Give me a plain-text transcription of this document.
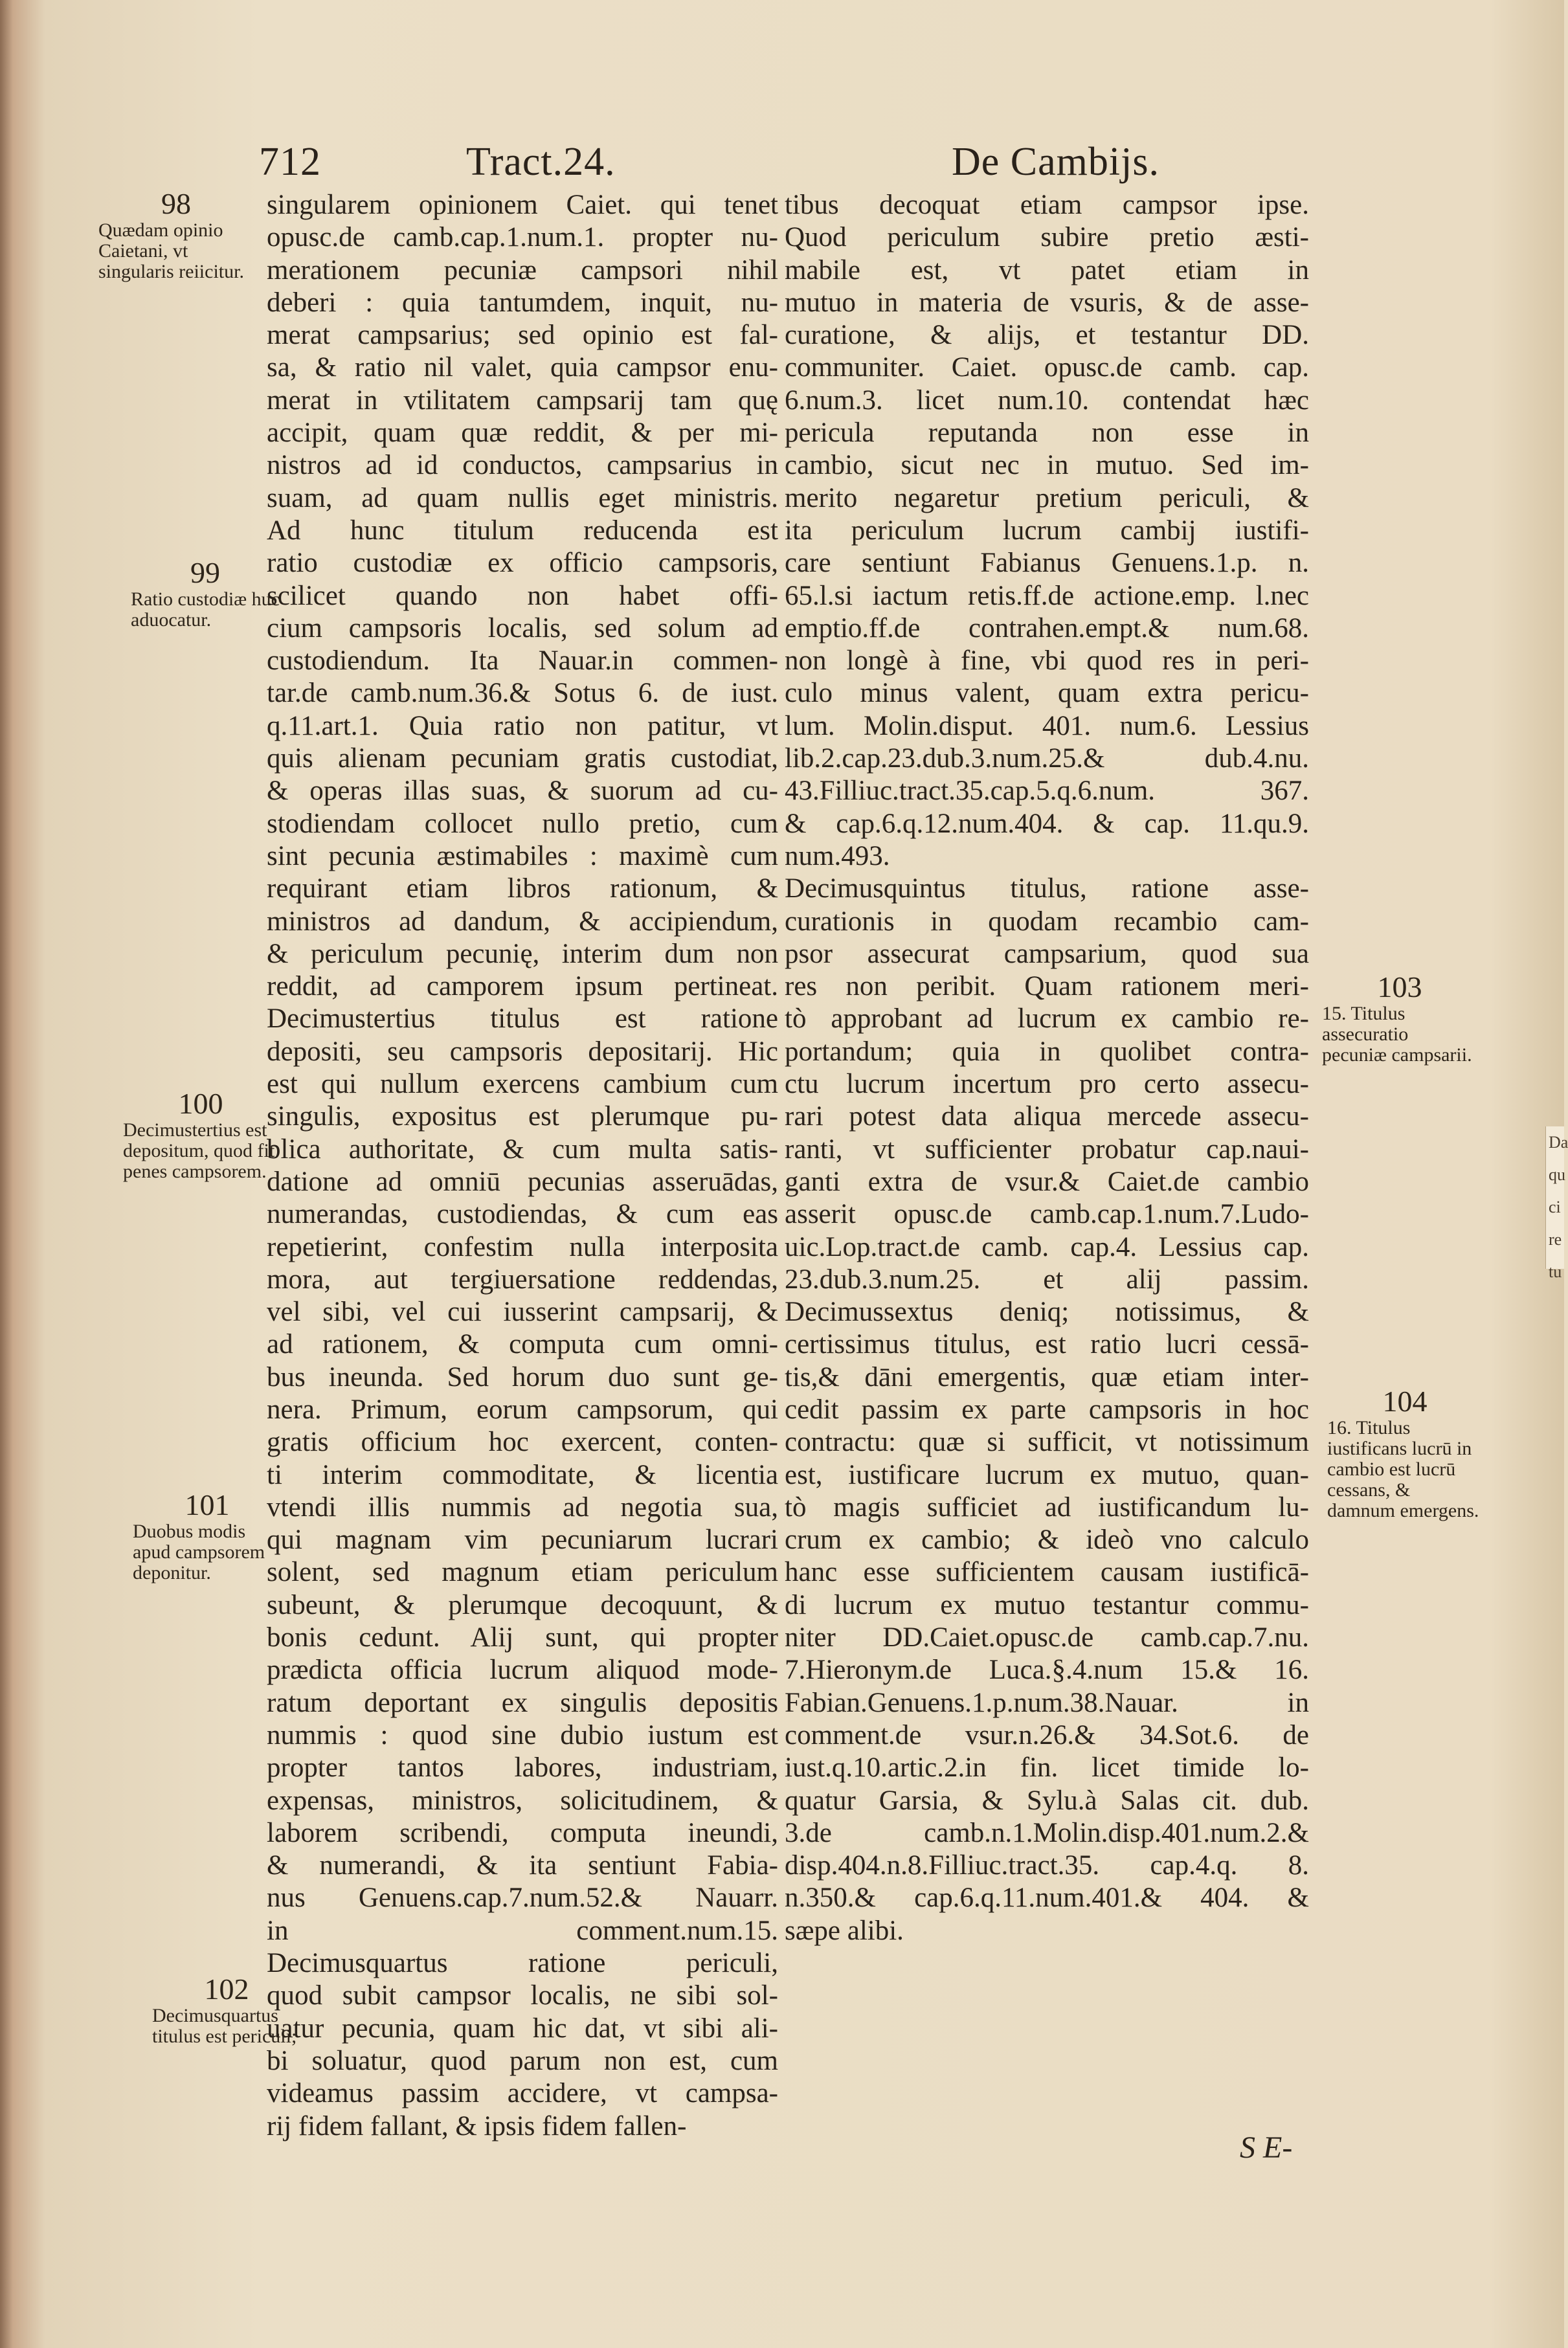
Da
qu
ci
re
tu
712	Tract.24.	De Cambijs.
singularem opinionem Caiet. qui tenet
opusc.de camb.cap.1.num.1. propter nu-
merationem pecuniæ campsori nihil
deberi : quia tantumdem, inquit, nu-
merat campsarius; sed opinio est fal-
sa, & ratio nil valet, quia campsor enu-
merat in vtilitatem campsarij tam quę
accipit, quam quæ reddit, & per mi-
nistros ad id conductos, campsarius in
suam, ad quam nullis eget ministris.
Ad hunc titulum reducenda est
ratio custodiæ ex officio campsoris,
scilicet quando non habet offi-
cium campsoris localis, sed solum ad
custodiendum. Ita Nauar.in commen-
tar.de camb.num.36.& Sotus 6. de iust.
q.11.art.1. Quia ratio non patitur, vt
quis alienam pecuniam gratis custodiat,
& operas illas suas, & suorum ad cu-
stodiendam collocet nullo pretio, cum
sint pecunia æstimabiles : maximè cum
requirant etiam libros rationum, &
ministros ad dandum, & accipiendum,
& periculum pecunię, interim dum non
reddit, ad camporem ipsum pertineat.
Decimustertius titulus est ratione
depositi, seu campsoris depositarij. Hic
est qui nullum exercens cambium cum
singulis, expositus est plerumque pu-
blica authoritate, & cum multa satis-
datione ad omniū pecunias asseruādas,
numerandas, custodiendas, & cum eas
repetierint, confestim nulla interposita
mora, aut tergiuersatione reddendas,
vel sibi, vel cui iusserint campsarij, &
ad rationem, & computa cum omni-
bus ineunda. Sed horum duo sunt ge-
nera. Primum, eorum campsorum, qui
gratis officium hoc exercent, conten-
ti interim commoditate, & licentia
vtendi illis nummis ad negotia sua,
qui magnam vim pecuniarum lucrari
solent, sed magnum etiam periculum
subeunt, & plerumque decoquunt, &
bonis cedunt. Alij sunt, qui propter
prædicta officia lucrum aliquod mode-
ratum deportant ex singulis depositis
nummis : quod sine dubio iustum est
propter tantos labores, industriam,
expensas, ministros, solicitudinem, &
laborem scribendi, computa ineundi,
& numerandi, & ita sentiunt Fabia-
nus Genuens.cap.7.num.52.& Nauarr.
in comment.num.15.
Decimusquartus ratione periculi,
quod subit campsor localis, ne sibi sol-
uatur pecunia, quam hic dat, vt sibi ali-
bi soluatur, quod parum non est, cum
videamus passim accidere, vt campsa-
rij fidem fallant, & ipsis fidem fallen-
tibus decoquat etiam campsor ipse.
Quod periculum subire pretio æsti-
mabile est, vt patet etiam in
mutuo in materia de vsuris, & de asse-
curatione, & alijs, et testantur DD.
communiter. Caiet. opusc.de camb. cap.
6.num.3. licet num.10. contendat hæc
pericula reputanda non esse in
cambio, sicut nec in mutuo. Sed im-
merito negaretur pretium periculi, &
ita periculum lucrum cambij iustifi-
care sentiunt Fabianus Genuens.1.p. n.
65.l.si iactum retis.ff.de actione.emp. l.nec
emptio.ff.de contrahen.empt.& num.68.
non longè à fine, vbi quod res in peri-
culo minus valent, quam extra pericu-
lum. Molin.disput. 401. num.6. Lessius
lib.2.cap.23.dub.3.num.25.& dub.4.nu.
43.Filliuc.tract.35.cap.5.q.6.num. 367.
& cap.6.q.12.num.404. & cap. 11.qu.9.
num.493.
Decimusquintus titulus, ratione asse-
curationis in quodam recambio cam-
psor assecurat campsarium, quod sua
res non peribit. Quam rationem meri-
tò approbant ad lucrum ex cambio re-
portandum; quia in quolibet contra-
ctu lucrum incertum pro certo assecu-
rari potest data aliqua mercede assecu-
ranti, vt sufficienter probatur cap.naui-
ganti extra de vsur.& Caiet.de cambio
asserit opusc.de camb.cap.1.num.7.Ludo-
uic.Lop.tract.de camb. cap.4. Lessius cap.
23.dub.3.num.25. et alij passim.
Decimussextus deniq; notissimus, &
certissimus titulus, est ratio lucri cessā-
tis,& dāni emergentis, quæ etiam inter-
cedit passim ex parte campsoris in hoc
contractu: quæ si sufficit, vt notissimum
est, iustificare lucrum ex mutuo, quan-
tò magis sufficiet ad iustificandum lu-
crum ex cambio; & ideò vno calculo
hanc esse sufficientem causam iustificā-
di lucrum ex mutuo testantur commu-
niter DD.Caiet.opusc.de camb.cap.7.nu.
7.Hieronym.de Luca.§.4.num 15.& 16.
Fabian.Genuens.1.p.num.38.Nauar. in
comment.de vsur.n.26.& 34.Sot.6. de
iust.q.10.artic.2.in fin. licet timide lo-
quatur Garsia, & Sylu.à Salas cit. dub.
3.de camb.n.1.Molin.disp.401.num.2.&
disp.404.n.8.Filliuc.tract.35. cap.4.q. 8.
n.350.& cap.6.q.11.num.401.& 404. &
sæpe alibi.
98
Quædam opinio Caietani, vt singularis reiicitur.
99
Ratio custodiæ huc aduocatur.
100
Decimustertius est depositum, quod fit penes campsorem.
101
Duobus modis apud campsorem deponitur.
102
Decimusquartus titulus est periculi;
103
15. Titulus assecuratio pecuniæ campsarii.
104
16. Titulus iustificans lucrū in cambio est lucrū cessans, & damnum emergens.
S E-
